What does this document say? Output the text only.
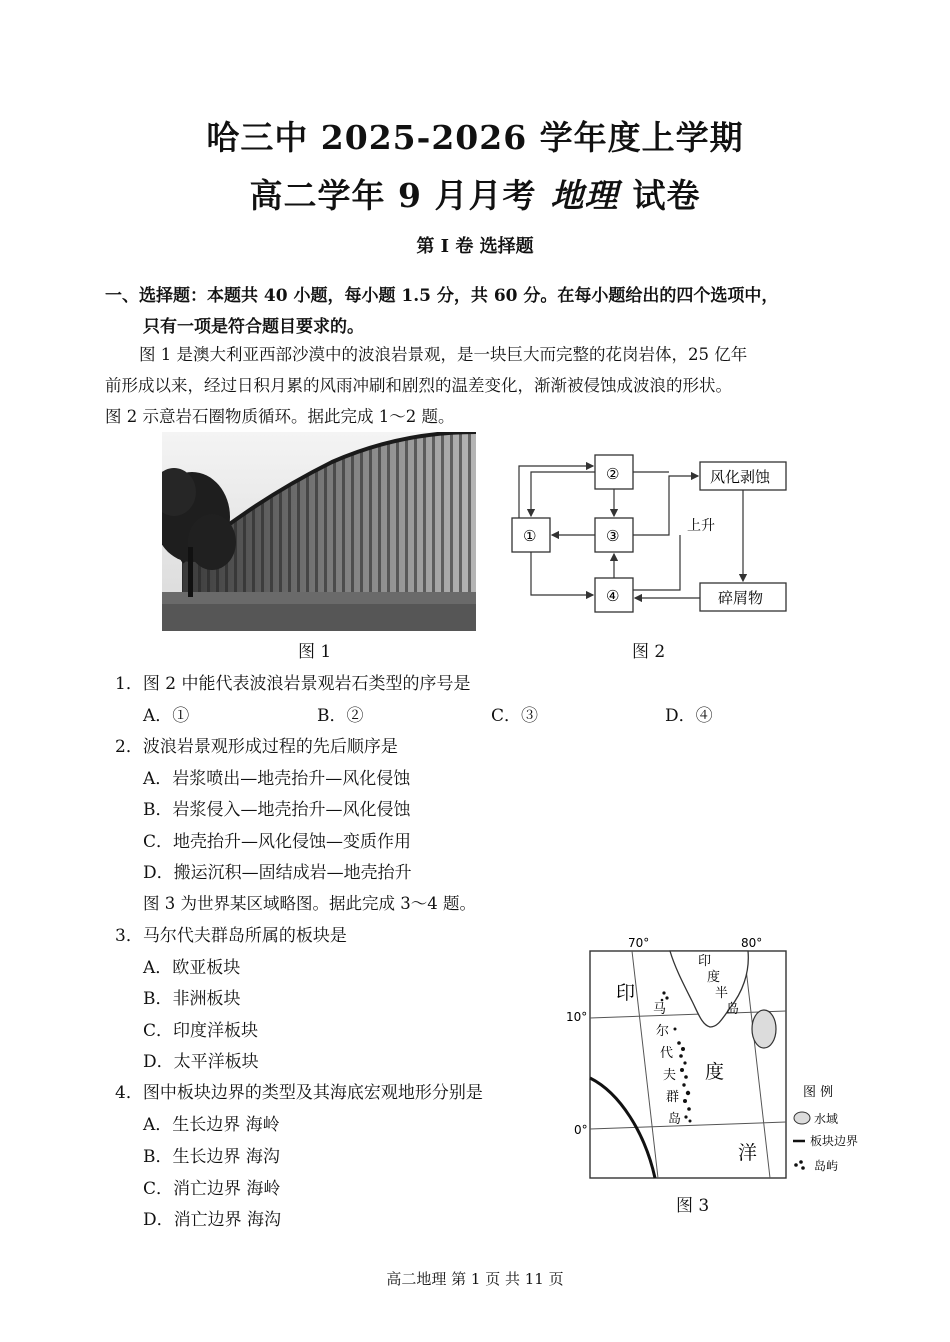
哈三中 2025-2026 学年度上学期
高二学年 9 月月考 地理 试卷
第 I 卷 选择题
一、选择题：本题共 40 小题，每小题 1.5 分，共 60 分。在每小题给出的四个选项中，
只有一项是符合题目要求的。
图 1 是澳大利亚西部沙漠中的波浪岩景观，是一块巨大而完整的花岗岩体，25 亿年
前形成以来，经过日积月累的风雨冲刷和剧烈的温差变化，渐渐被侵蚀成波浪的形状。
图 2 示意岩石圈物质循环。据此完成 1～2 题。
图 1
②
①	③
④
风化剥蚀
碎屑物
上升
图 2
1．图 2 中能代表波浪岩景观岩石类型的序号是
A．①	B．②	C．③	D．④
2．波浪岩景观形成过程的先后顺序是
A．岩浆喷出—地壳抬升—风化侵蚀
B．岩浆侵入—地壳抬升—风化侵蚀
C．地壳抬升—风化侵蚀—变质作用
D．搬运沉积—固结成岩—地壳抬升
图 3 为世界某区域略图。据此完成 3～4 题。
3．马尔代夫群岛所属的板块是
A．欧亚板块
B．非洲板块
C．印度洋板块
D．太平洋板块
4．图中板块边界的类型及其海底宏观地形分别是
A．生长边界 海岭
B．生长边界 海沟
C．消亡边界 海岭
D．消亡边界 海沟
70°	80°
10°
0°
印
度
洋
印
度
半
岛
马
尔
代
夫
群
岛
图 例
水域
板块边界
岛屿
图 3
高二地理 第 1 页 共 11 页
